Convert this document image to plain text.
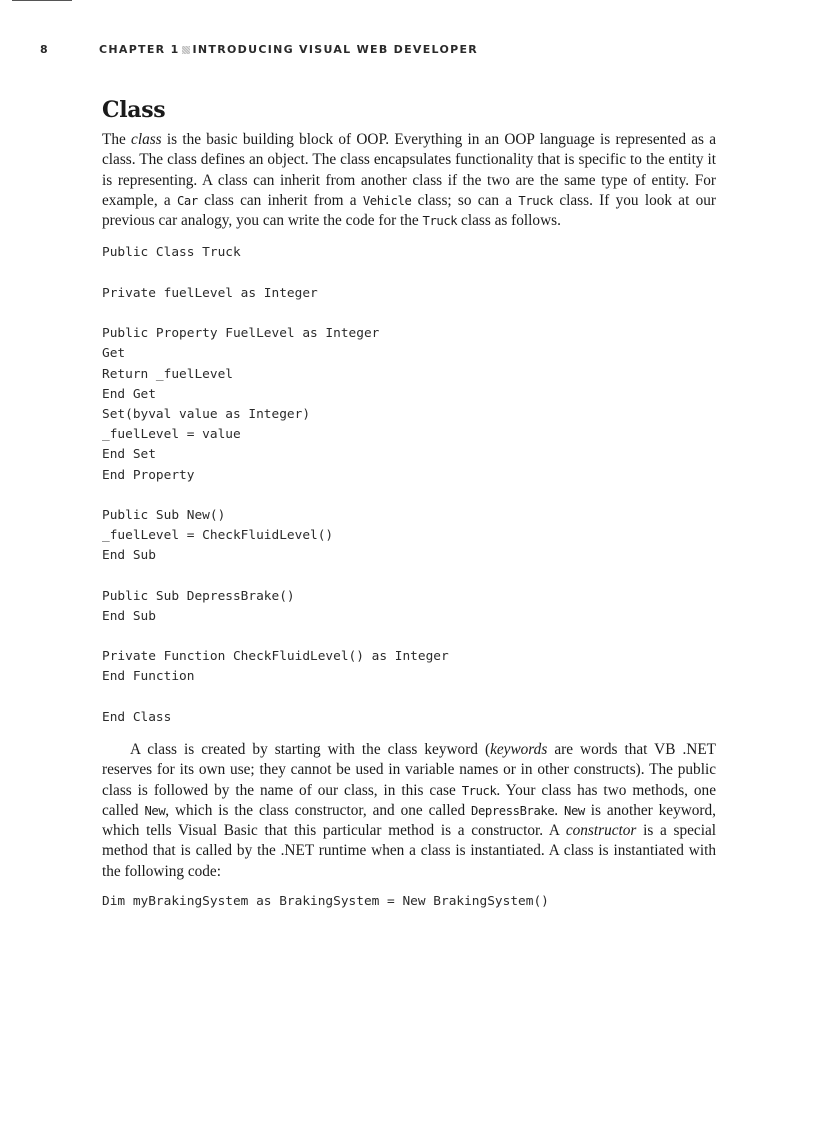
8	CHAPTER 1 INTRODUCING VISUAL WEB DEVELOPER
Class

The class is the basic building block of OOP. Everything in an OOP language is represented as a class. The class defines an object. The class encapsulates functionality that is specific to the entity it is representing. A class can inherit from another class if the two are the same type of entity. For example, a Car class can inherit from a Vehicle class; so can a Truck class. If you look at our previous car analogy, you can write the code for the Truck class as follows.

Public Class Truck
Private fuelLevel as Integer
Public Property FuelLevel as Integer
Get
Return _fuelLevel
End Get
Set(byval value as Integer)
_fuelLevel = value
End Set
End Property
Public Sub New()
_fuelLevel = CheckFluidLevel()
End Sub
Public Sub DepressBrake()
End Sub
Private Function CheckFluidLevel() as Integer
End Function
End Class

A class is created by starting with the class keyword (keywords are words that VB .NET reserves for its own use; they cannot be used in variable names or in other constructs). The public class is followed by the name of our class, in this case Truck. Your class has two methods, one called New, which is the class constructor, and one called DepressBrake. New is another keyword, which tells Visual Basic that this particular method is a constructor. A constructor is a special method that is called by the .NET runtime when a class is instantiated. A class is instantiated with the following code:

Dim myBrakingSystem as BrakingSystem = New BrakingSystem()
